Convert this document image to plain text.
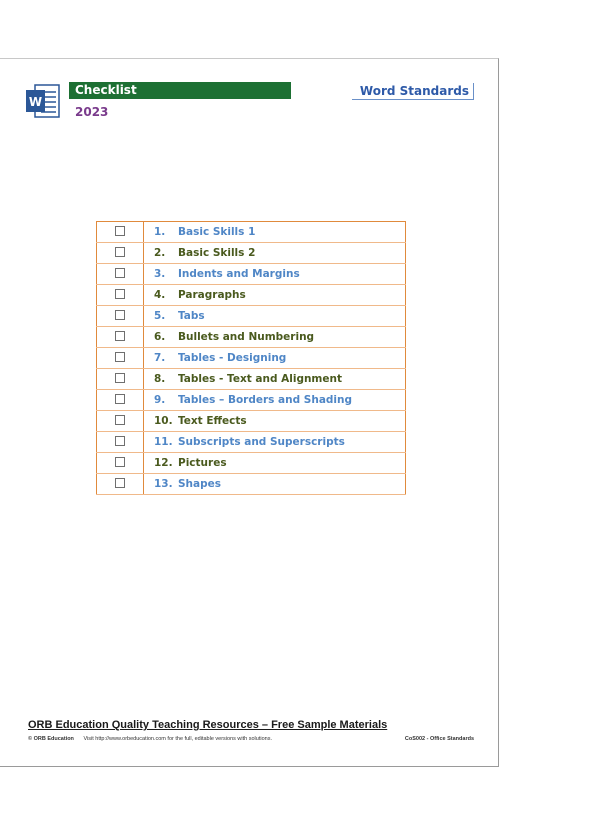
W
Checklist
2023
Word Standards
	1. Basic Skills 1
	2. Basic Skills 2
	3. Indents and Margins
	4. Paragraphs
	5. Tabs
	6. Bullets and Numbering
	7. Tables - Designing
	8. Tables - Text and Alignment
	9. Tables – Borders and Shading
	10. Text Effects
	11. Subscripts and Superscripts
	12. Pictures
	13. Shapes
ORB Education Quality Teaching Resources – Free Sample Materials
© ORB Education Visit http://www.orbeducation.com for the full, editable versions with solutions.	CoS002 - Office Standards
